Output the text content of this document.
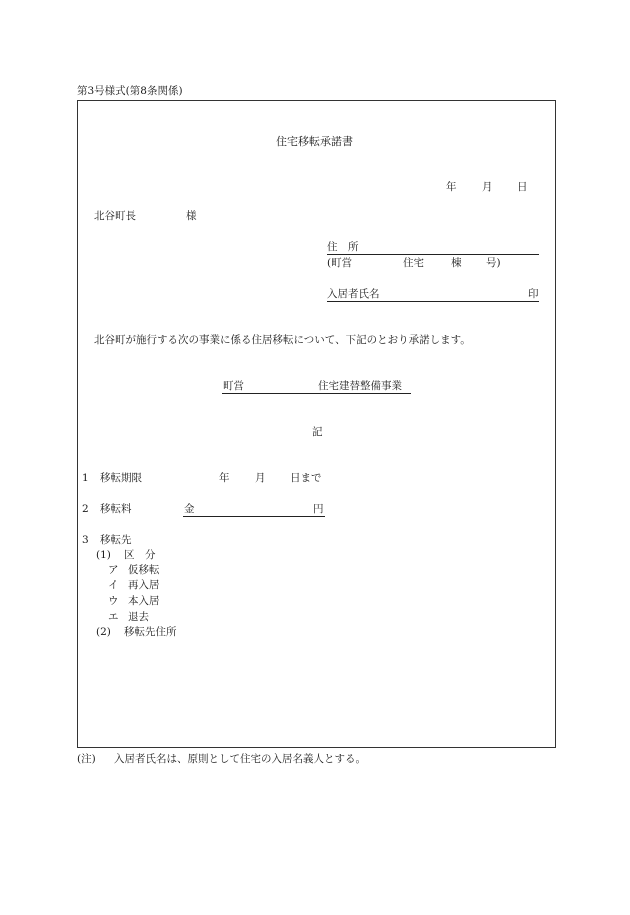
第3号様式(第8条関係)
住宅移転承諾書
年 月 日
北谷町長	様
住　所
(町営	住宅	棟 号)
入居者氏名	印
北谷町が施行する次の事業に係る住居移転について、下記のとおり承諾します。
町営	住宅建替整備事業
記
1 移転期限	年 月 日まで
2 移転料	金	円
3 移転先
(1) 区　分
ア 仮移転
イ 再入居
ウ 本入居
エ 退去
(2) 移転先住所
(注) 入居者氏名は、原則として住宅の入居名義人とする。
